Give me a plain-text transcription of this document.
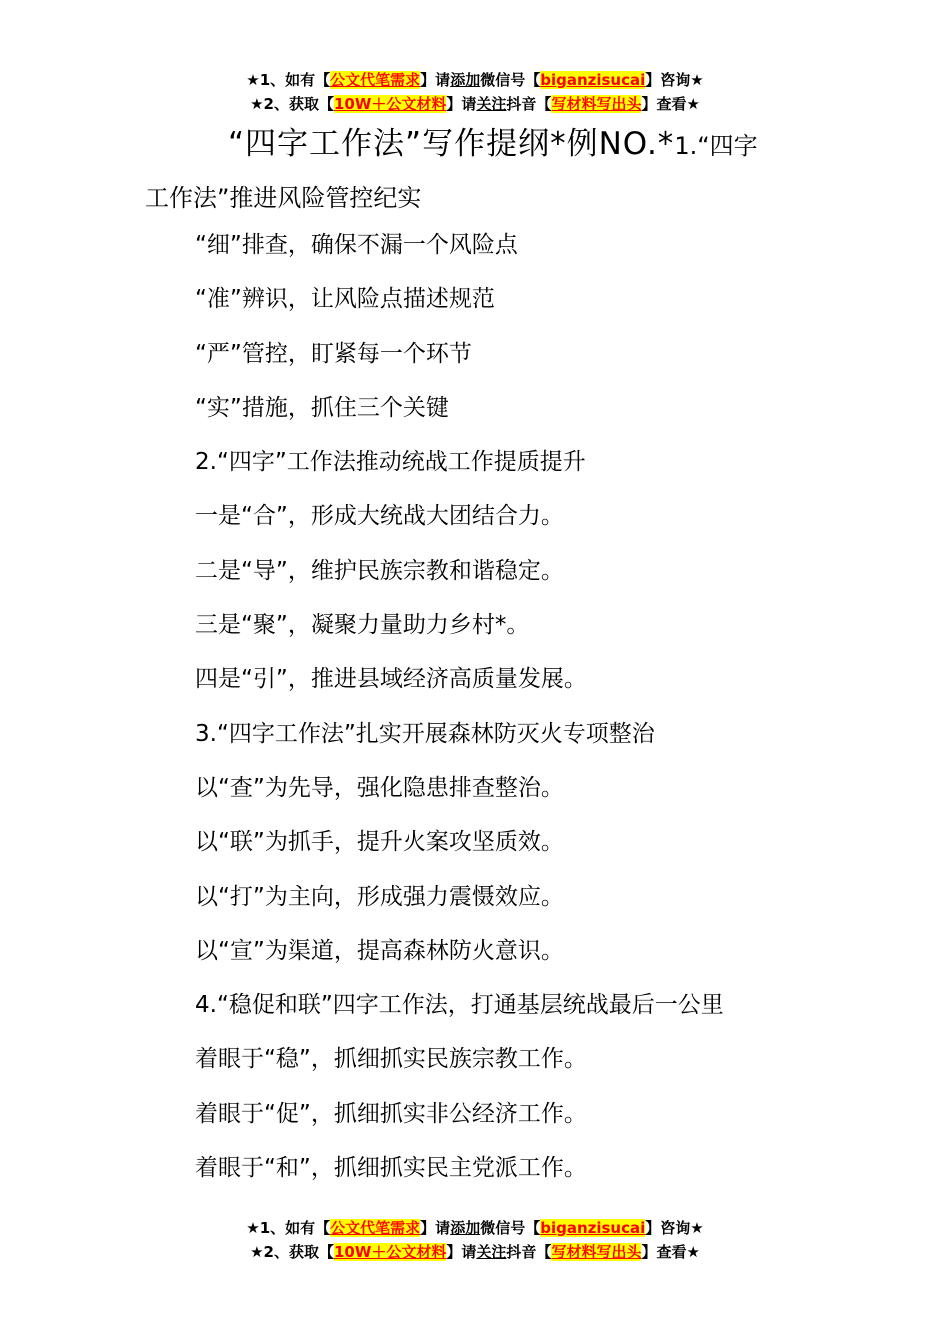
★1、如有【公文代笔需求】请添加微信号【biganzisucai】咨询★
★2、获取【10W＋公文材料】请关注抖音【写材料写出头】查看★
“四字工作法”写作提纲*例NO.*1.“四字
工作法”推进风险管控纪实
“细”排查，确保不漏一个风险点
“准”辨识，让风险点描述规范
“严”管控，盯紧每一个环节
“实”措施，抓住三个关键
2.“四字”工作法推动统战工作提质提升
一是“合”，形成大统战大团结合力。
二是“导”，维护民族宗教和谐稳定。
三是“聚”，凝聚力量助力乡村*。
四是“引”，推进县域经济高质量发展。
3.“四字工作法”扎实开展森林防灭火专项整治
以“查”为先导，强化隐患排查整治。
以“联”为抓手，提升火案攻坚质效。
以“打”为主向，形成强力震慑效应。
以“宣”为渠道，提高森林防火意识。
4.“稳促和联”四字工作法，打通基层统战最后一公里
着眼于“稳”，抓细抓实民族宗教工作。
着眼于“促”，抓细抓实非公经济工作。
着眼于“和”，抓细抓实民主党派工作。
★1、如有【公文代笔需求】请添加微信号【biganzisucai】咨询★
★2、获取【10W＋公文材料】请关注抖音【写材料写出头】查看★
